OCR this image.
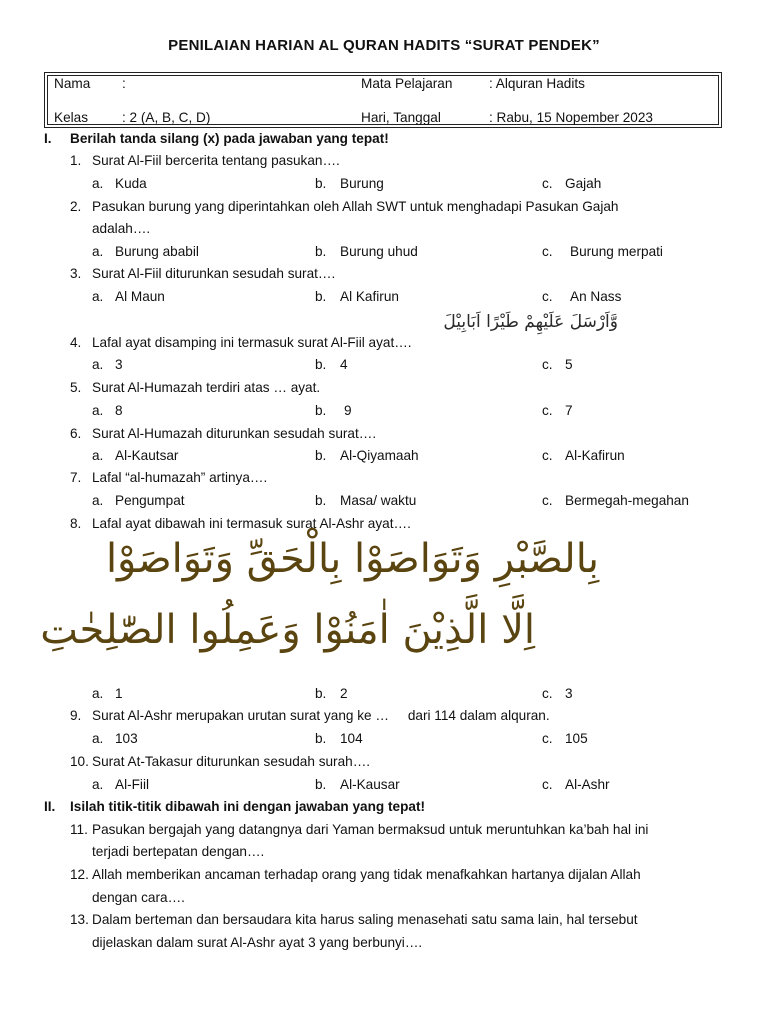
PENILAIAN HARIAN AL QURAN HADITS “SURAT PENDEK”
Nama :	Mata Pelajaran	: Alquran Hadits
Kelas : 2 (A, B, C, D)	Hari, Tanggal	: Rabu, 15 Nopember 2023
I. Berilah tanda silang (x) pada jawaban yang tepat!
1. Surat Al-Fiil bercerita tentang pasukan….
a. Kuda	b. Burung	c. Gajah
2. Pasukan burung yang diperintahkan oleh Allah SWT untuk menghadapi Pasukan Gajah
adalah….
a. Burung ababil	b. Burung uhud	c. Burung merpati
3. Surat Al-Fiil diturunkan sesudah surat….
a. Al Maun	b. Al Kafirun	c. An Nass
4. Lafal ayat disamping ini termasuk surat Al-Fiil ayat….
وَّاَرْسَلَ عَلَيْهِمْ طَيْرًا اَبَابِيْلَ
a. 3	b. 4	c. 5
5. Surat Al-Humazah terdiri atas … ayat.
a. 8	b. 9	c. 7
6. Surat Al-Humazah diturunkan sesudah surat….
a. Al-Kautsar	b. Al-Qiyamaah	c. Al-Kafirun
7. Lafal “al-humazah” artinya….
a. Pengumpat	b. Masa/ waktu	c. Bermegah-megahan
8. Lafal ayat dibawah ini termasuk surat Al-Ashr ayat….
بِالصَّبْرِ وَتَوَاصَوْا بِالْحَقِّ وَتَوَاصَوْا
اِلَّا الَّذِيْنَ اٰمَنُوْا وَعَمِلُوا الصّٰلِحٰتِ
a. 1	b. 2	c. 3
9. Surat Al-Ashr merupakan urutan surat yang ke …     dari 114 dalam alquran.
a. 103	b. 104	c. 105
10. Surat At-Takasur diturunkan sesudah surah….
a. Al-Fiil	b. Al-Kausar	c. Al-Ashr
II. Isilah titik-titik dibawah ini dengan jawaban yang tepat!
11. Pasukan bergajah yang datangnya dari Yaman bermaksud untuk meruntuhkan ka’bah hal ini
terjadi bertepatan dengan….
12. Allah memberikan ancaman terhadap orang yang tidak menafkahkan hartanya dijalan Allah
dengan cara….
13. Dalam berteman dan bersaudara kita harus saling menasehati satu sama lain, hal tersebut
dijelaskan dalam surat Al-Ashr ayat 3 yang berbunyi….
